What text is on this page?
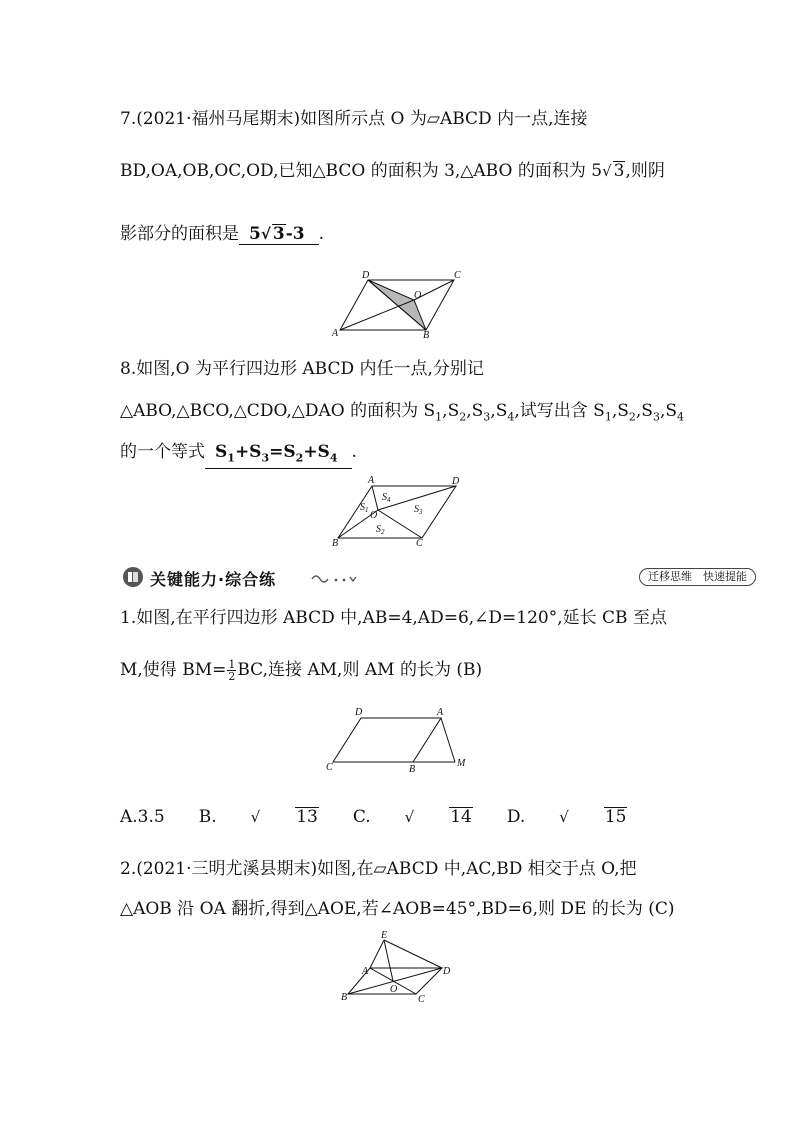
7.(2021·福州马尾期末)如图所示点 O 为▱ABCD 内一点,连接
BD,OA,OB,OC,OD,已知△BCO 的面积为 3,△ABO 的面积为 5√ 3,则阴
影部分的面积是 5√ 3-3 .
D	C
O
A	B
8.如图,O 为平行四边形 ABCD 内任一点,分别记
△ABO,△BCO,△CDO,△DAO 的面积为 $S_1,S_2,S_3,S_4$,试写出含 $S_1,S_2,S_3,S_4$
的一个等式 $S_1+S_3=S_2+S_4$ .
A	D
B	C
O
$S_1$
$S_2$
$S_3$
$S_4$
关键能力·综合练	迁移思维　快速提能
1.如图,在平行四边形 ABCD 中,AB=4,AD=6,∠D=120°,延长 CB 至点
M,使得 $BM= \frac{1}{2}$ BC,连接 AM,则 AM 的长为 (B)
D	A
C	B
M
A.3.5 B. √ 13 C. √ 14 D. √ 15
2.(2021·三明尤溪县期末)如图,在▱ABCD 中,AC,BD 相交于点 O,把
△AOB 沿 OA 翻折,得到△AOE,若∠AOB=45°,BD=6,则 DE 的长为 (C)
E
A	D
B
O
C
